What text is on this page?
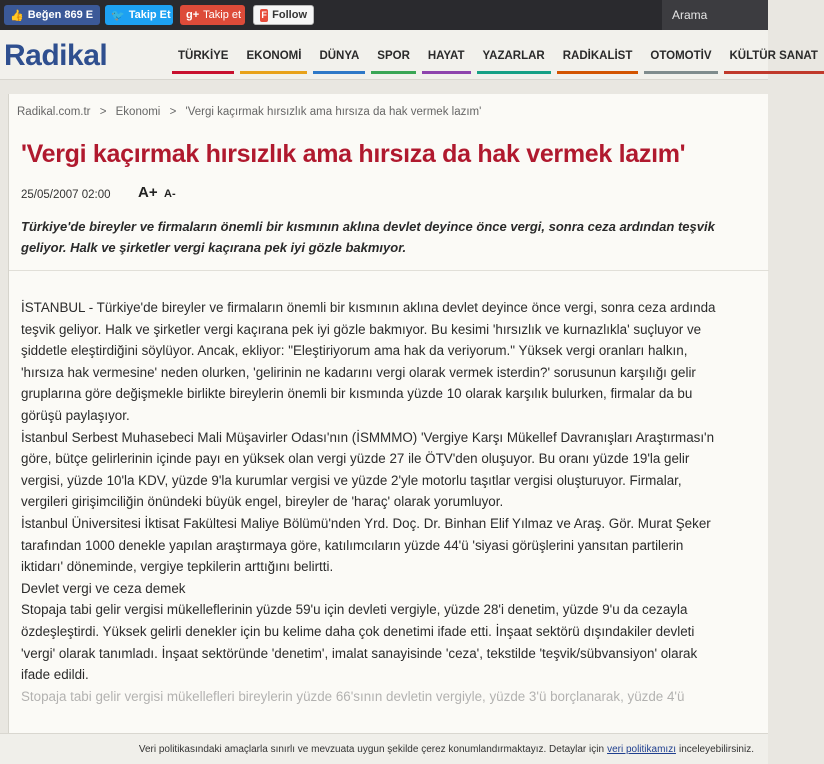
👍 Beğen 869 E 🐦 Takip Et g+ Takip et F Follow	Arama
Radikal	TÜRKİYE	EKONOMİ	DÜNYA	SPOR	HAYAT	YAZARLAR	RADİKALİST	OTOMOTİV	KÜLTÜR SANAT
Radikal.com.tr > Ekonomi > 'Vergi kaçırmak hırsızlık ama hırsıza da hak vermek lazım'
'Vergi kaçırmak hırsızlık ama hırsıza da hak vermek lazım'
25/05/2007 02:00 A+ A-

Türkiye'de bireyler ve firmaların önemli bir kısmının aklına devlet deyince önce vergi, sonra ceza ardından teşvik geliyor. Halk ve şirketler vergi kaçırana pek iyi gözle bakmıyor.

İSTANBUL - Türkiye'de bireyler ve firmaların önemli bir kısmının aklına devlet deyince önce vergi, sonra ceza ardında
teşvik geliyor. Halk ve şirketler vergi kaçırana pek iyi gözle bakmıyor. Bu kesimi 'hırsızlık ve kurnazlıkla' suçluyor ve
şiddetle eleştirdiğini söylüyor. Ancak, ekliyor: "Eleştiriyorum ama hak da veriyorum." Yüksek vergi oranları halkın,
'hırsıza hak vermesine' neden olurken, 'gelirinin ne kadarını vergi olarak vermek isterdin?' sorusunun karşılığı gelir
gruplarına göre değişmekle birlikte bireylerin önemli bir kısmında yüzde 10 olarak karşılık bulurken, firmalar da bu
görüşü paylaşıyor.
İstanbul Serbest Muhasebeci Mali Müşavirler Odası'nın (İSMMMO) 'Vergiye Karşı Mükellef Davranışları Araştırması'n
göre, bütçe gelirlerinin içinde payı en yüksek olan vergi yüzde 27 ile ÖTV'den oluşuyor. Bu oranı yüzde 19'la gelir
vergisi, yüzde 10'la KDV, yüzde 9'la kurumlar vergisi ve yüzde 2'yle motorlu taşıtlar vergisi oluşturuyor. Firmalar,
vergileri girişimciliğin önündeki büyük engel, bireyler de 'haraç' olarak yorumluyor.
İstanbul Üniversitesi İktisat Fakültesi Maliye Bölümü'nden Yrd. Doç. Dr. Binhan Elif Yılmaz ve Araş. Gör. Murat Şeker
tarafından 1000 denekle yapılan araştırmaya göre, katılımcıların yüzde 44'ü 'siyasi görüşlerini yansıtan partilerin
iktidarı' döneminde, vergiye tepkilerin arttığını belirtti.
Devlet vergi ve ceza demek
Stopaja tabi gelir vergisi mükelleflerinin yüzde 59'u için devleti vergiyle, yüzde 28'i denetim, yüzde 9'u da cezayla
özdeşleştirdi. Yüksek gelirli denekler için bu kelime daha çok denetimi ifade etti. İnşaat sektörü dışındakiler devleti
'vergi' olarak tanımladı. İnşaat sektöründe 'denetim', imalat sanayisinde 'ceza', tekstilde 'teşvik/sübvansiyon' olarak
ifade edildi.
Stopaja tabi gelir vergisi mükellefleri bireylerin yüzde 66'sının devletin vergiyle, yüzde 3'ü borçlanarak, yüzde 4'ü
Veri politikasındaki amaçlarla sınırlı ve mevzuata uygun şekilde çerez konumlandırmaktayız. Detaylar için veri politikamızı inceleyebilirsiniz.
